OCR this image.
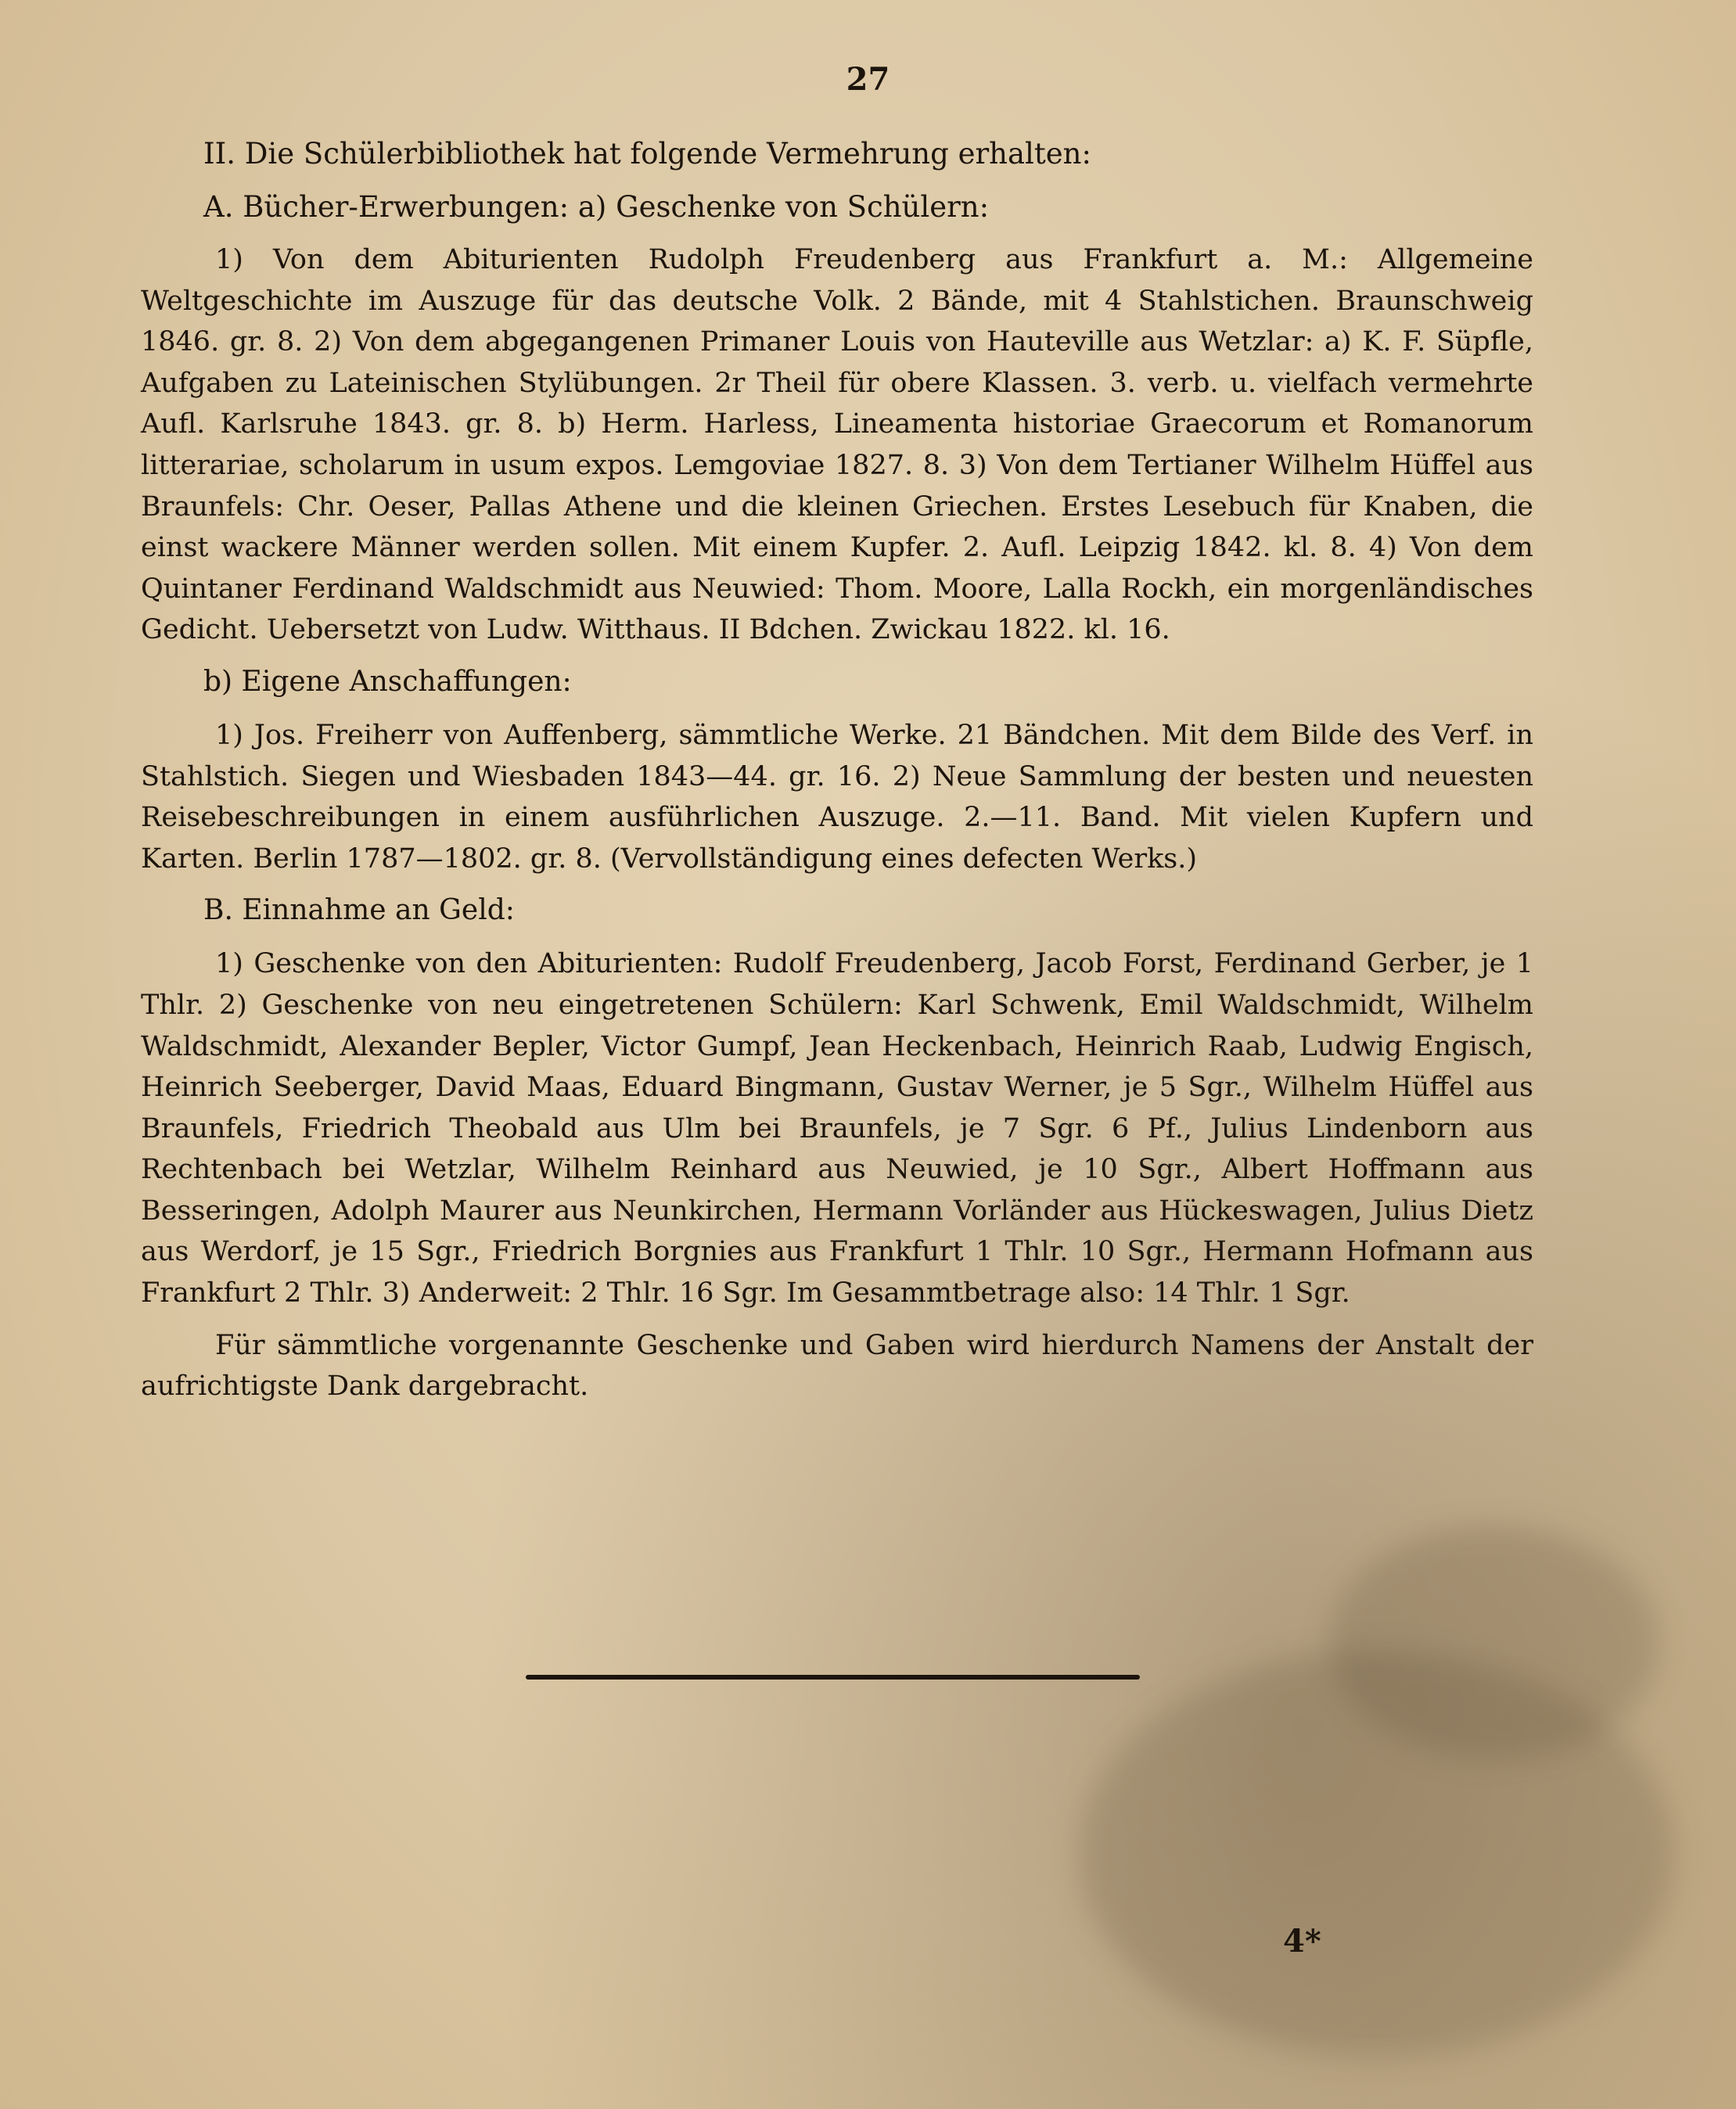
27

II. Die Schülerbibliothek hat folgende Vermehrung erhalten:

A. Bücher-Erwerbungen: a) Geschenke von Schülern:

1) Von dem Abiturienten Rudolph Freudenberg aus Frankfurt a. M.: Allgemeine Weltgeschichte im Auszuge für das deutsche Volk. 2 Bände, mit 4 Stahlstichen. Braunschweig 1846. gr. 8. 2) Von dem abgegangenen Primaner Louis von Hauteville aus Wetzlar: a) K. F. Süpfle, Aufgaben zu Lateinischen Stylübungen. 2r Theil für obere Klassen. 3. verb. u. vielfach vermehrte Aufl. Karlsruhe 1843. gr. 8. b) Herm. Harless, Lineamenta historiae Graecorum et Romanorum litterariae, scholarum in usum expos. Lemgoviae 1827. 8. 3) Von dem Tertianer Wilhelm Hüffel aus Braunfels: Chr. Oeser, Pallas Athene und die kleinen Griechen. Erstes Lesebuch für Knaben, die einst wackere Männer werden sollen. Mit einem Kupfer. 2. Aufl. Leipzig 1842. kl. 8. 4) Von dem Quintaner Ferdinand Waldschmidt aus Neuwied: Thom. Moore, Lalla Rockh, ein morgenländisches Gedicht. Uebersetzt von Ludw. Witthaus. II Bdchen. Zwickau 1822. kl. 16.

b) Eigene Anschaffungen:

1) Jos. Freiherr von Auffenberg, sämmtliche Werke. 21 Bändchen. Mit dem Bilde des Verf. in Stahlstich. Siegen und Wiesbaden 1843—44. gr. 16. 2) Neue Sammlung der besten und neuesten Reisebeschreibungen in einem ausführlichen Auszuge. 2.—11. Band. Mit vielen Kupfern und Karten. Berlin 1787—1802. gr. 8. (Vervollständigung eines defecten Werks.)

B. Einnahme an Geld:

1) Geschenke von den Abiturienten: Rudolf Freudenberg, Jacob Forst, Ferdinand Gerber, je 1 Thlr. 2) Geschenke von neu eingetretenen Schülern: Karl Schwenk, Emil Waldschmidt, Wilhelm Waldschmidt, Alexander Bepler, Victor Gumpf, Jean Heckenbach, Heinrich Raab, Ludwig Engisch, Heinrich Seeberger, David Maas, Eduard Bingmann, Gustav Werner, je 5 Sgr., Wilhelm Hüffel aus Braunfels, Friedrich Theobald aus Ulm bei Braunfels, je 7 Sgr. 6 Pf., Julius Lindenborn aus Rechtenbach bei Wetzlar, Wilhelm Reinhard aus Neuwied, je 10 Sgr., Albert Hoffmann aus Besseringen, Adolph Maurer aus Neunkirchen, Hermann Vorländer aus Hückeswagen, Julius Dietz aus Werdorf, je 15 Sgr., Friedrich Borgnies aus Frankfurt 1 Thlr. 10 Sgr., Hermann Hofmann aus Frankfurt 2 Thlr. 3) Anderweit: 2 Thlr. 16 Sgr. Im Gesammtbetrage also: 14 Thlr. 1 Sgr.

Für sämmtliche vorgenannte Geschenke und Gaben wird hierdurch Namens der Anstalt der aufrichtigste Dank dargebracht.

4*
